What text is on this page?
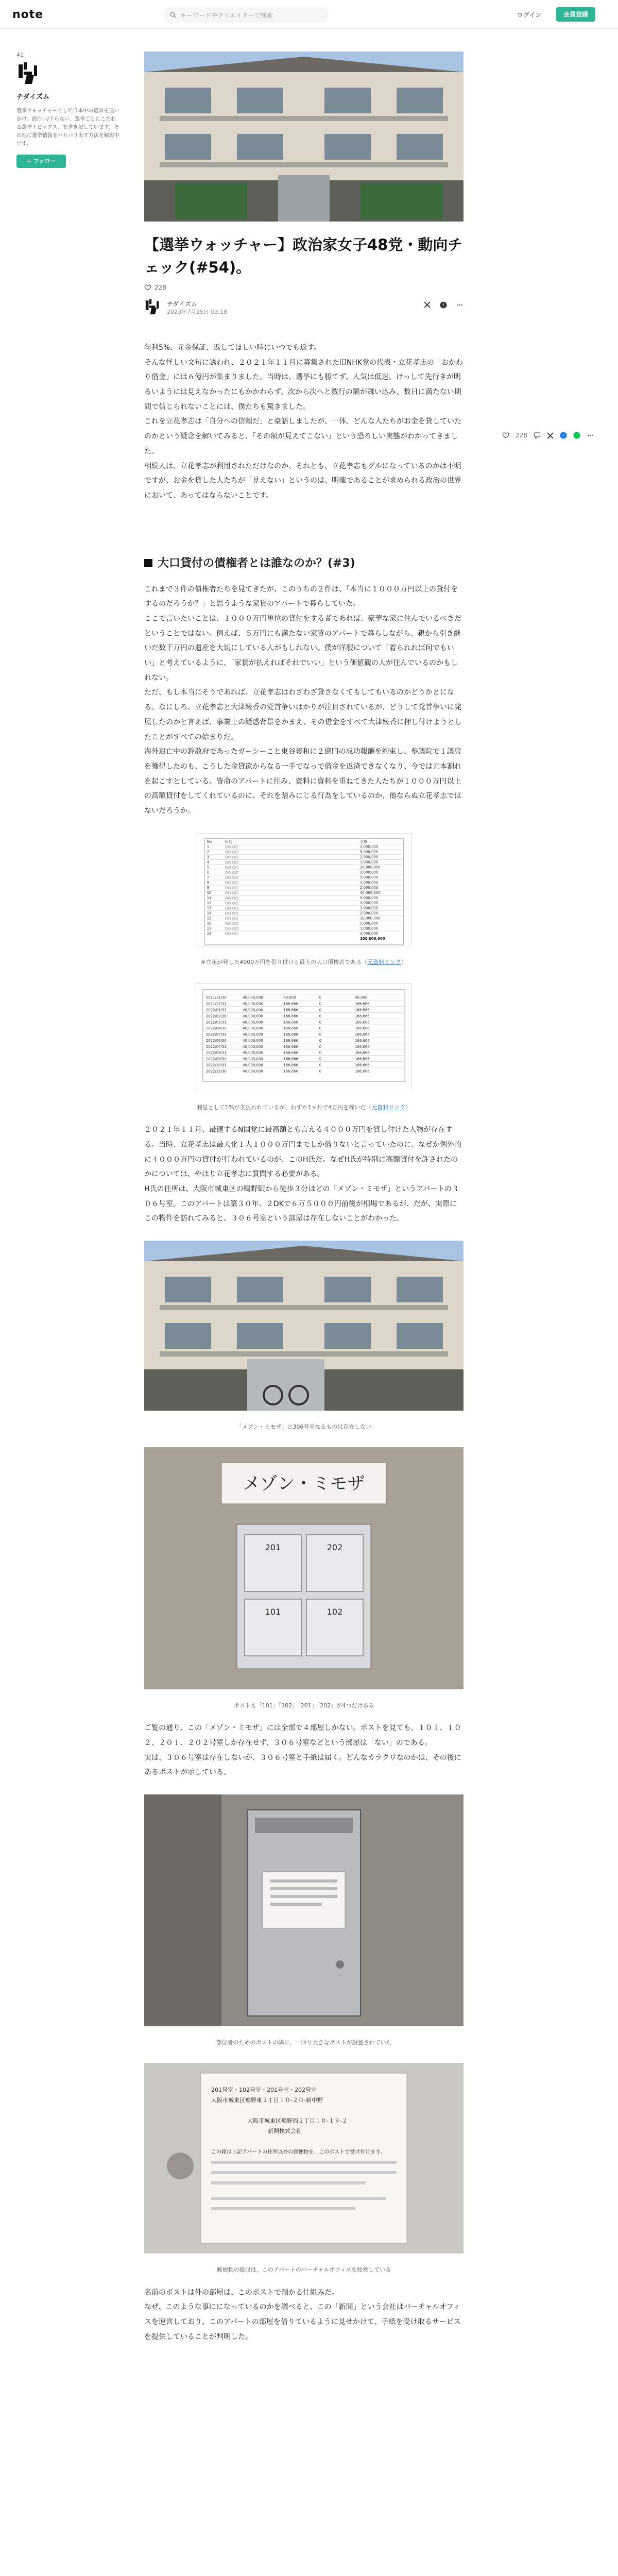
note	キーワードやクリエイターで検索	ログイン	会員登録
41
チダイズム
選挙ウォッチャーとして日本中の選挙を追いかけ、面白い/下らない、選挙ごとにこだわる選挙トピックス、を書き記しています。その他に選挙情報をバリバリ出す方法を解説中です。
+ フォロー
228	f
【選挙ウォッチャー】政治家女子48党・動向チェック(#54)。
228
チダイズム
2023年7月25日 03:18
f

年利5%、元金保証、返してほしい時にいつでも返す。

そんな怪しい文句に誘われ、２０２１年１１月に募集された旧NHK党の代表・立花孝志の「おかわり借金」には６億円が集まりました。当時は、選挙にも勝てず、人気は低迷。けっして先行きが明るいようには見えなかったにもかかわらず、次から次へと数行の額が舞い込み、数日に満たない期間で信じられないことには、僕たちも驚きました。

これを立花孝志は「自分への信頼だ」と豪語しましたが、一体、どんな人たちがお金を貸していたのかという疑念を解いてみると、「その額が見えてこない」という恐ろしい実態がわかってきました。

相続人は、立花孝志が利用されただけなのか、それとも、立花孝志もグルになっているのかは不明ですが、お金を貸した人たちが「見えない」というのは、明確であることが求められる政治の世界において、あってはならないことです。

大口貸付の債権者とは誰なのか？(#3)

これまで３件の債権者たちを見てきたが、このうちの２件は、「本当に１０００万円以上の貸付をするのだろうか？」と思うような家賃のアパートで暮らしていた。

ここで言いたいことは、１０００万円単位の貸付をする者であれば、豪華な家に住んでいるべきだということではない。例えば、５万円にも満たない家賃のアパートで暮らしながら、親から引き継いだ数千万円の遺産を大切にしている人がもしれない。僕が洋服について「着られれば何でもいい」と考えているように、「家賃が払えればそれでいい」という価値観の人が住んでいるのかもしれない。

ただ、もし本当にそうであれば、立花孝志はわざわざ貸さなくてもしてもいるのかどうかとになる。なにしろ、立花孝志と大津綾香の党首争いはかりが注目されているが、どうして党首争いに発展したのかと言えば、事業上の疑惑背景をかまえ、その借金をすべて大津綾香に押し付けようとしたことがすべての始まりだ。

海外追亡中の鈴散府であったガーシーこと東谷義和に２億円の成功報酬を約束し、参議院で１議席を獲得したのも、こうした金貸欲からなる一手でなっで借金を返済できなくなり、今では元本割れを起こすとしている。皆命のアパートに住み、資料に資料を重ねてきた人たちが１０００万円以上の高額貸付をしてくれているのに、それを踏みにじる行為をしているのか、他ならぬ立花孝志ではないだろうか。

No	氏名	金額
1	○○ ○○	3,000,000
2	○○ ○○	5,000,000
3	○○ ○○	2,000,000
4	○○ ○○	1,000,000
5	○○ ○○	10,000,000
6	○○ ○○	3,000,000
7	○○ ○○	5,000,000
8	○○ ○○	1,000,000
9	○○ ○○	2,000,000
10	○○ ○○	40,000,000
11	○○ ○○	5,000,000
12	○○ ○○	3,000,000
13	○○ ○○	1,000,000
14	○○ ○○	2,000,000
15	○○ ○○	10,000,000
16	○○ ○○	5,000,000
17	○○ ○○	1,000,000
18	○○ ○○	3,000,000
100,000,000
※立花が発した4000万円を借り付ける最大の大口債権者である（元資料リンク）
2021/11/30	40,000,000	40,000	0	40,000
2021/12/31	40,000,000	166,666	0	166,666
2022/01/31	40,000,000	166,666	0	166,666
2022/02/28	40,000,000	166,666	0	166,666
2022/03/31	40,000,000	166,666	0	166,666
2022/04/30	40,000,000	166,666	0	166,666
2022/05/31	40,000,000	166,666	0	166,666
2022/06/30	40,000,000	166,666	0	166,666
2022/07/31	40,000,000	166,666	0	166,666
2022/08/31	40,000,000	166,666	0	166,666
2022/09/30	40,000,000	166,666	0	166,666
2022/10/31	40,000,000	166,666	0	166,666
2022/11/30	40,000,000	166,666	0	166,666
利息として1%が支払われているが、わずか1ヶ月で4万円を稼いだ（元資料リンク）

２０２１年１１月、最適するN国党に最高額とも言える４０００万円を貸し付けた人物が存在する。当時、立花孝志は最大化１人１０００万円までしか借りないと言っていたのに、なぜか例外的に４０００万円の貸付が行われているのが、このH氏だ。なぜH氏が特別に高額貸付を許されたのかについては、やはり立花孝志に質問する必要がある。

H氏の住所は、大阪市城東区の鴫野駅から徒歩３分ほどの「メゾン・ミモザ」というアパートの３０６号室。このアパートは築３０年、２DKで６万５０００円前後が相場であるが、だが、実際にこの物件を訪れてみると、３０６号室という部屋は存在しないことがわかった。

「メゾン・ミモザ」に306号室なるものは存在しない
メゾン・ミモザ
201	202
101	102
ポストも「101」「102」「201」「202」が4つだけある

ご覧の通り、この「メゾン・ミモザ」には全部で４部屋しかない。ポストを見ても、１０１、１０２、２０１、２０２号室しか存在せず、３０６号室などという部屋は「ない」のである。

実は、３０６号室は存在しないが、３０６号室と手紙は届く。どんなカラクリなのかは、その後にあるポストが示している。

部位者のためのポストの隣に、一回り大きなポストが設置されていた
201号室・102号室・201号室・202号室
大阪市城東区鴫野東２丁目１０-２０-新中野
大阪市城東区鴫野西２丁目１０-１９-２
新開株式会社
この箱は上記アパートの住所以外の郵便物を、このボストで受け付けます。
郵便物の総収は、このアパートのバーチャルオフィスを経営している

名前のポストは外の部屋は、このポストで預かる仕組みだ。

なぜ、このような事にになっているのかを調べると、この「新開」という会社はバーチャルオフィスを運営しており、このアパートの部屋を借りているように見せかけて、手紙を受け取るサービスを提供していることが判明した。
